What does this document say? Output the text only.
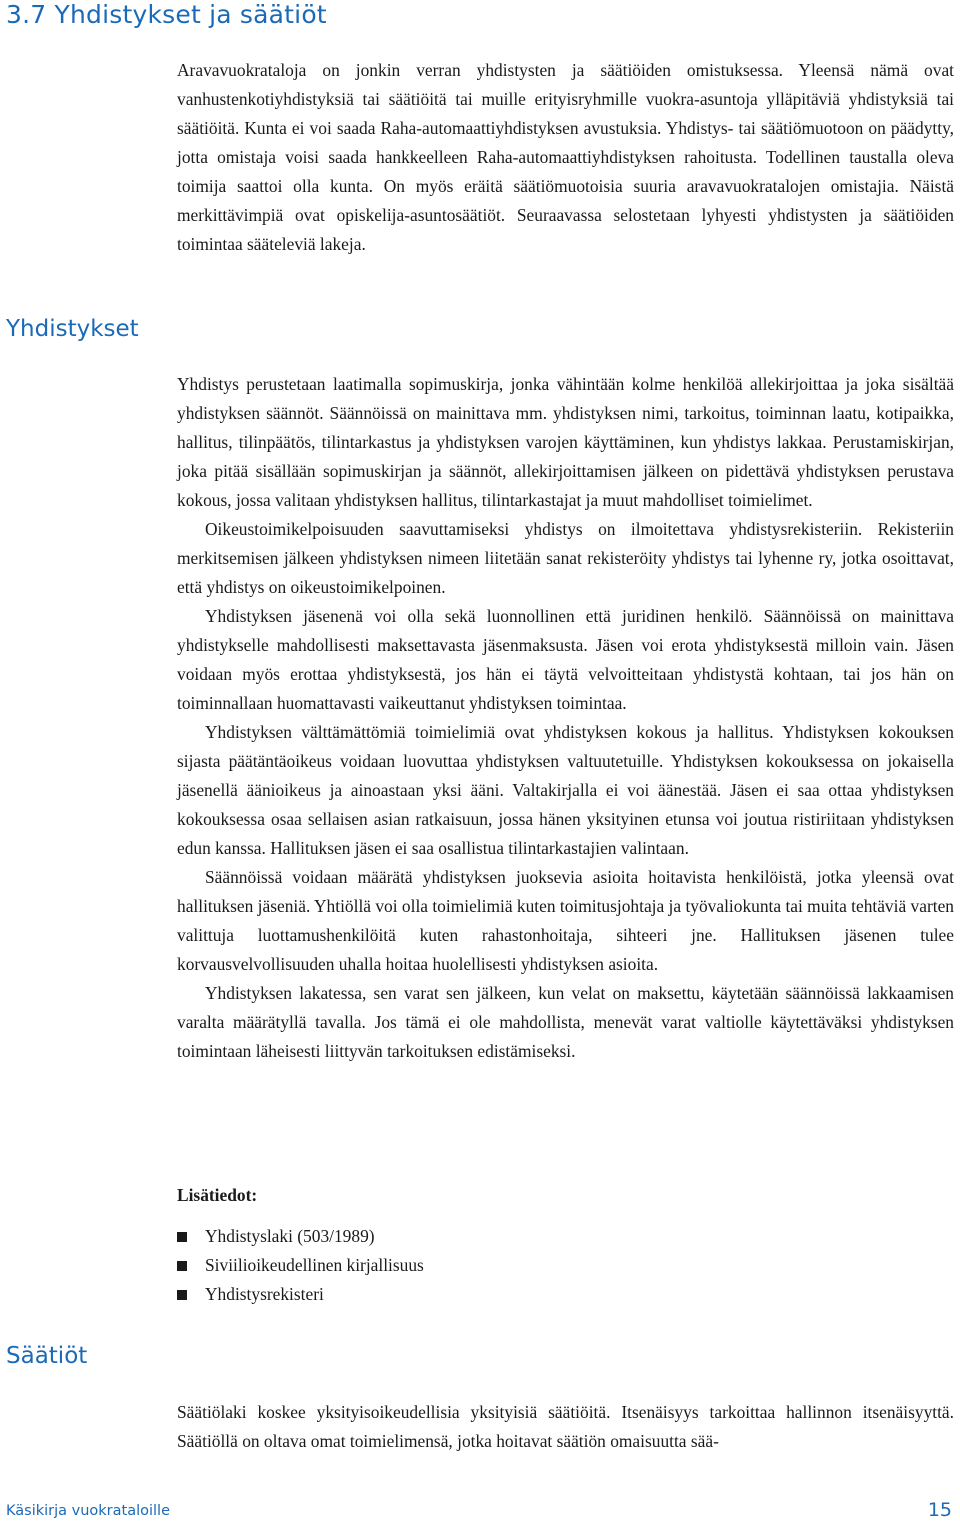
3.7 Yhdistykset ja säätiöt

Aravavuokrataloja on jonkin verran yhdistysten ja säätiöiden omistuksessa. Yleensä nämä ovat vanhustenkotiyhdistyksiä tai säätiöitä tai muille erityisryhmille vuokra-asuntoja ylläpitäviä yhdistyksiä tai säätiöitä. Kunta ei voi saada Raha-automaattiyhdistyksen avustuksia. Yhdistys- tai säätiömuotoon on päädytty, jotta omistaja voisi saada hankkeelleen Raha-automaattiyhdistyksen rahoitusta. Todellinen taustalla oleva toimija saattoi olla kunta. On myös eräitä säätiömuotoisia suuria aravavuokratalojen omistajia. Näistä merkittävimpiä ovat opiskelija-asuntosäätiöt. Seuraavassa selostetaan lyhyesti yhdistysten ja säätiöiden toimintaa sääteleviä lakeja.

Yhdistykset

Yhdistys perustetaan laatimalla sopimuskirja, jonka vähintään kolme henkilöä allekirjoittaa ja joka sisältää yhdistyksen säännöt. Säännöissä on mainittava mm. yhdistyksen nimi, tarkoitus, toiminnan laatu, kotipaikka, hallitus, tilinpäätös, tilintarkastus ja yhdistyksen varojen käyttäminen, kun yhdistys lakkaa. Perustamiskirjan, joka pitää sisällään sopimuskirjan ja säännöt, allekirjoittamisen jälkeen on pidettävä yhdistyksen perustava kokous, jossa valitaan yhdistyksen hallitus, tilintarkastajat ja muut mahdolliset toimielimet.

Oikeustoimikelpoisuuden saavuttamiseksi yhdistys on ilmoitettava yhdistysrekisteriin. Rekisteriin merkitsemisen jälkeen yhdistyksen nimeen liitetään sanat rekisteröity yhdistys tai lyhenne ry, jotka osoittavat, että yhdistys on oikeustoimikelpoinen.

Yhdistyksen jäsenenä voi olla sekä luonnollinen että juridinen henkilö. Säännöissä on mainittava yhdistykselle mahdollisesti maksettavasta jäsenmaksusta. Jäsen voi erota yhdistyksestä milloin vain. Jäsen voidaan myös erottaa yhdistyksestä, jos hän ei täytä velvoitteitaan yhdistystä kohtaan, tai jos hän on toiminnallaan huomattavasti vaikeuttanut yhdistyksen toimintaa.

Yhdistyksen välttämättömiä toimielimiä ovat yhdistyksen kokous ja hallitus. Yhdistyksen kokouksen sijasta päätäntäoikeus voidaan luovuttaa yhdistyksen valtuutetuille. Yhdistyksen kokouksessa on jokaisella jäsenellä äänioikeus ja ainoastaan yksi ääni. Valtakirjalla ei voi äänestää. Jäsen ei saa ottaa yhdistyksen kokouksessa osaa sellaisen asian ratkaisuun, jossa hänen yksityinen etunsa voi joutua ristiriitaan yhdistyksen edun kanssa. Hallituksen jäsen ei saa osallistua tilintarkastajien valintaan.

Säännöissä voidaan määrätä yhdistyksen juoksevia asioita hoitavista henkilöistä, jotka yleensä ovat hallituksen jäseniä. Yhtiöllä voi olla toimielimiä kuten toimitusjohtaja ja työvaliokunta tai muita tehtäviä varten valittuja luottamushenkilöitä kuten rahastonhoitaja, sihteeri jne. Hallituksen jäsenen tulee korvausvelvollisuuden uhalla hoitaa huolellisesti yhdistyksen asioita.

Yhdistyksen lakatessa, sen varat sen jälkeen, kun velat on maksettu, käytetään säännöissä lakkaamisen varalta määrätyllä tavalla. Jos tämä ei ole mahdollista, menevät varat valtiolle käytettäväksi yhdistyksen toimintaan läheisesti liittyvän tarkoituksen edistämiseksi.

Lisätiedot:
Yhdistyslaki (503/1989)
Siviilioikeudellinen kirjallisuus
Yhdistysrekisteri
Säätiöt

Säätiölaki koskee yksityisoikeudellisia yksityisiä säätiöitä. Itsenäisyys tarkoittaa hallinnon itsenäisyyttä. Säätiöllä on oltava omat toimielimensä, jotka hoitavat säätiön omaisuutta sää-

Käsikirja vuokrataloille	15
